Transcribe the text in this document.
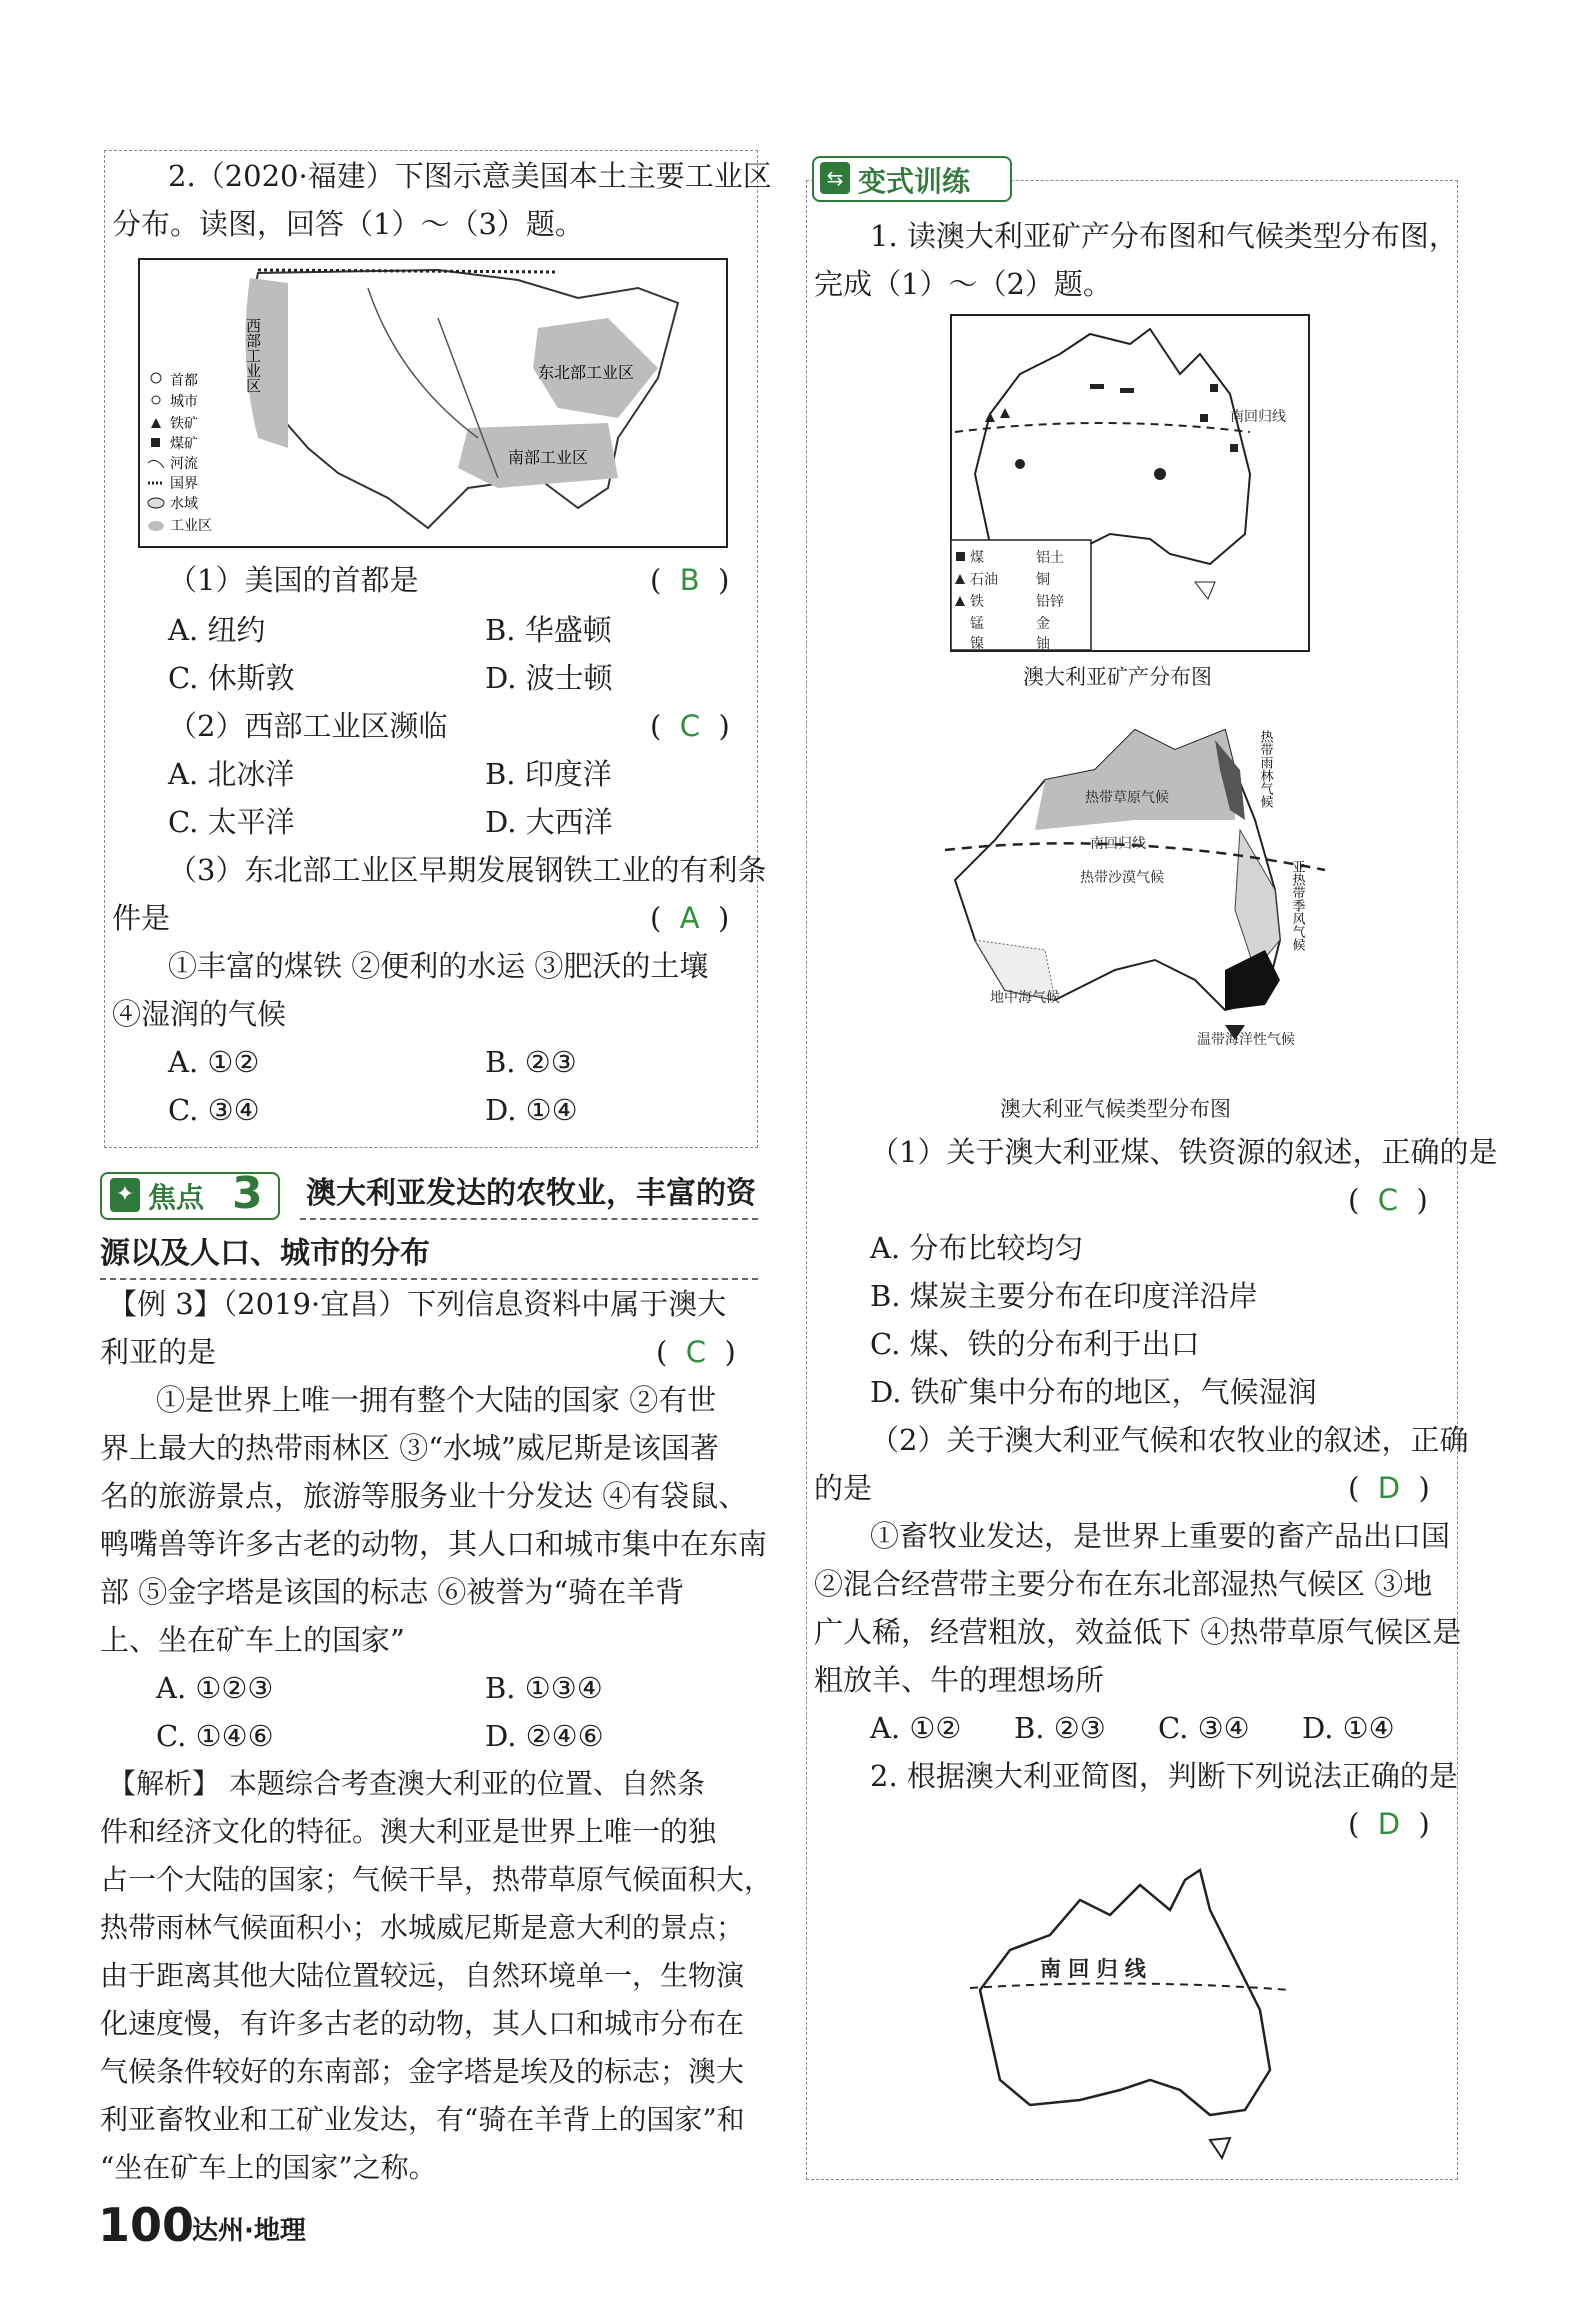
2.（2020·福建）下图示意美国本土主要工业区
分布。读图，回答（1）～（3）题。
首都
城市
铁矿
煤矿
河流
国界
水域
工业区
西部工业区	东北部工业区
南部工业区
（1）美国的首都是	(  B  )
A. 纽约	B. 华盛顿
C. 休斯敦	D. 波士顿
（2）西部工业区濒临	(  C  )
A. 北冰洋	B. 印度洋
C. 太平洋	D. 大西洋
（3）东北部工业区早期发展钢铁工业的有利条
件是	(  A  )
①丰富的煤铁 ②便利的水运 ③肥沃的土壤
④湿润的气候
A. ①②	B. ②③
C. ③④	D. ①④
✦ 焦点 3 澳大利亚发达的农牧业，丰富的资
源以及人口、城市的分布
【例 3】（2019·宜昌）下列信息资料中属于澳大
利亚的是	(  C  )
①是世界上唯一拥有整个大陆的国家 ②有世
界上最大的热带雨林区 ③“水城”威尼斯是该国著
名的旅游景点，旅游等服务业十分发达 ④有袋鼠、
鸭嘴兽等许多古老的动物，其人口和城市集中在东南
部 ⑤金字塔是该国的标志 ⑥被誉为“骑在羊背
上、坐在矿车上的国家”
A. ①②③	B. ①③④
C. ①④⑥	D. ②④⑥
【解析】 本题综合考查澳大利亚的位置、自然条
件和经济文化的特征。澳大利亚是世界上唯一的独
占一个大陆的国家；气候干旱，热带草原气候面积大，
热带雨林气候面积小；水城威尼斯是意大利的景点；
由于距离其他大陆位置较远，自然环境单一，生物演
化速度慢，有许多古老的动物，其人口和城市分布在
气候条件较好的东南部；金字塔是埃及的标志；澳大
利亚畜牧业和工矿业发达，有“骑在羊背上的国家”和
“坐在矿车上的国家”之称。
⇆ 变式训练
1. 读澳大利亚矿产分布图和气候类型分布图，
完成（1）～（2）题。
南回归线
煤	铝土
石油	铜
铁	铅锌
锰	金
镍	铀
澳大利亚矿产分布图
热带草原气候
南回归线
热带沙漠气候
地中海气候
温带海洋性气候
热带雨林气候
亚热带季风气候
澳大利亚气候类型分布图
（1）关于澳大利亚煤、铁资源的叙述，正确的是
(  C  )
A. 分布比较均匀
B. 煤炭主要分布在印度洋沿岸
C. 煤、铁的分布利于出口
D. 铁矿集中分布的地区，气候湿润
（2）关于澳大利亚气候和农牧业的叙述，正确
的是	(  D  )
①畜牧业发达，是世界上重要的畜产品出口国
②混合经营带主要分布在东北部湿热气候区 ③地
广人稀，经营粗放，效益低下 ④热带草原气候区是
粗放羊、牛的理想场所
A. ①② B. ②③ C. ③④ D. ①④
2. 根据澳大利亚简图，判断下列说法正确的是
(  D  )
南 回 归 线
100
达州·地理
